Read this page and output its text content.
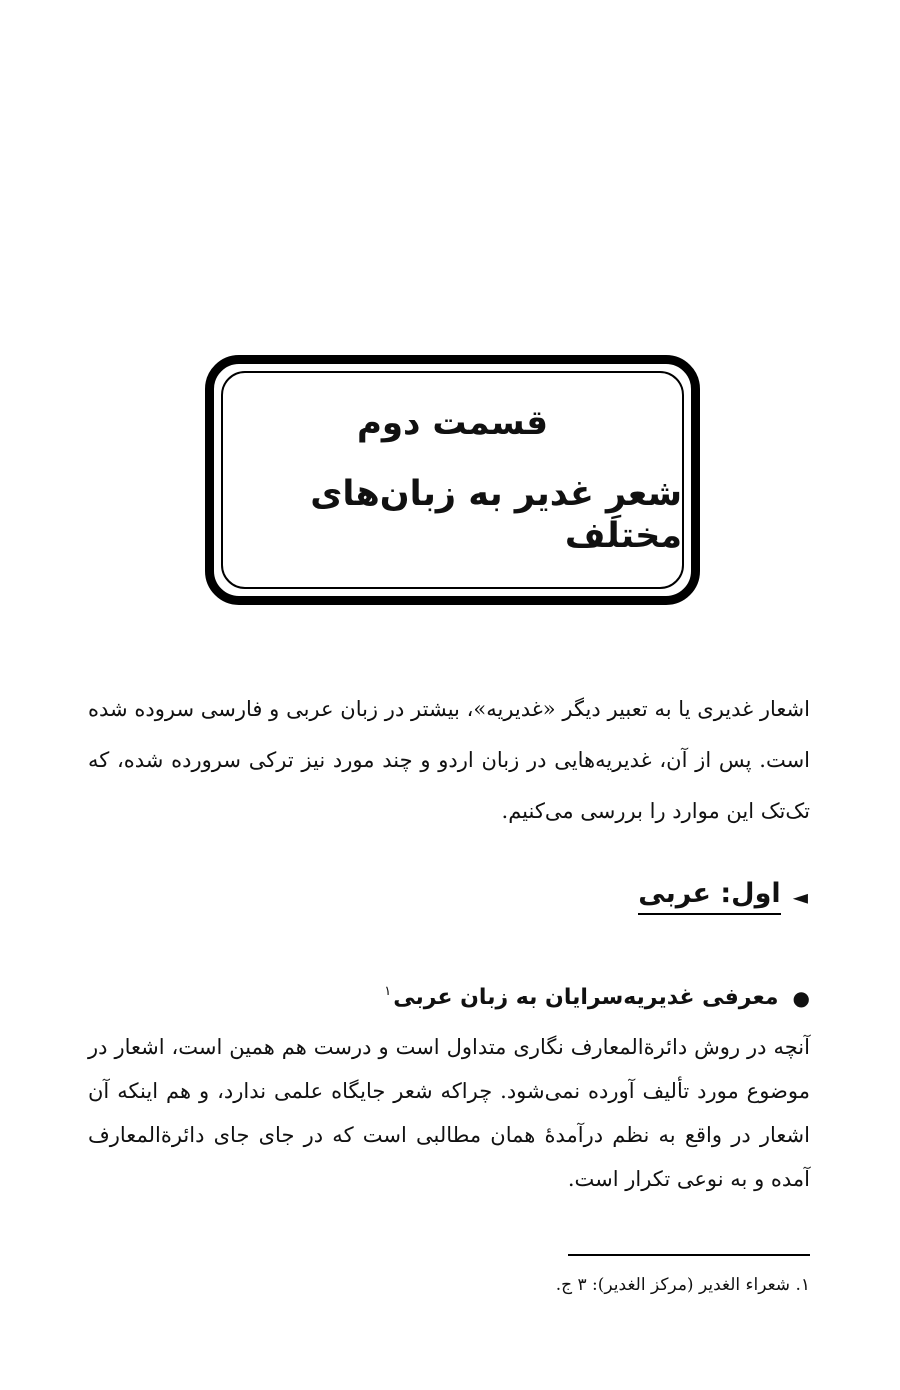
قسمت دوم
شعرِ غدیر به زبان‌های مختلف
اشعار غدیری یا به تعبیر دیگر «غدیریه»، بیشتر در زبان عربی و فارسی سروده شده است. پس از آن، غدیریه‌هایی در زبان اردو و چند مورد نیز ترکی سرورده شده، که تک‌تک این موارد را بررسی می‌کنیم.
◄
اول: عربی
●
معرفی غدیریه‌سرایان به زبان عربی
$^۱$
آنچه در روش دائرةالمعارف نگاری متداول است و درست هم همین است، اشعار در موضوع مورد تألیف آورده نمی‌شود. چراکه شعر جایگاه علمی ندارد، و هم اینکه آن اشعار در واقع به نظم درآمدهٔ همان مطالبی است که در جای جای دائرةالمعارف آمده و به نوعی تکرار است.
۱. شعراء الغدیر (مرکز الغدیر): ۳ ج.
